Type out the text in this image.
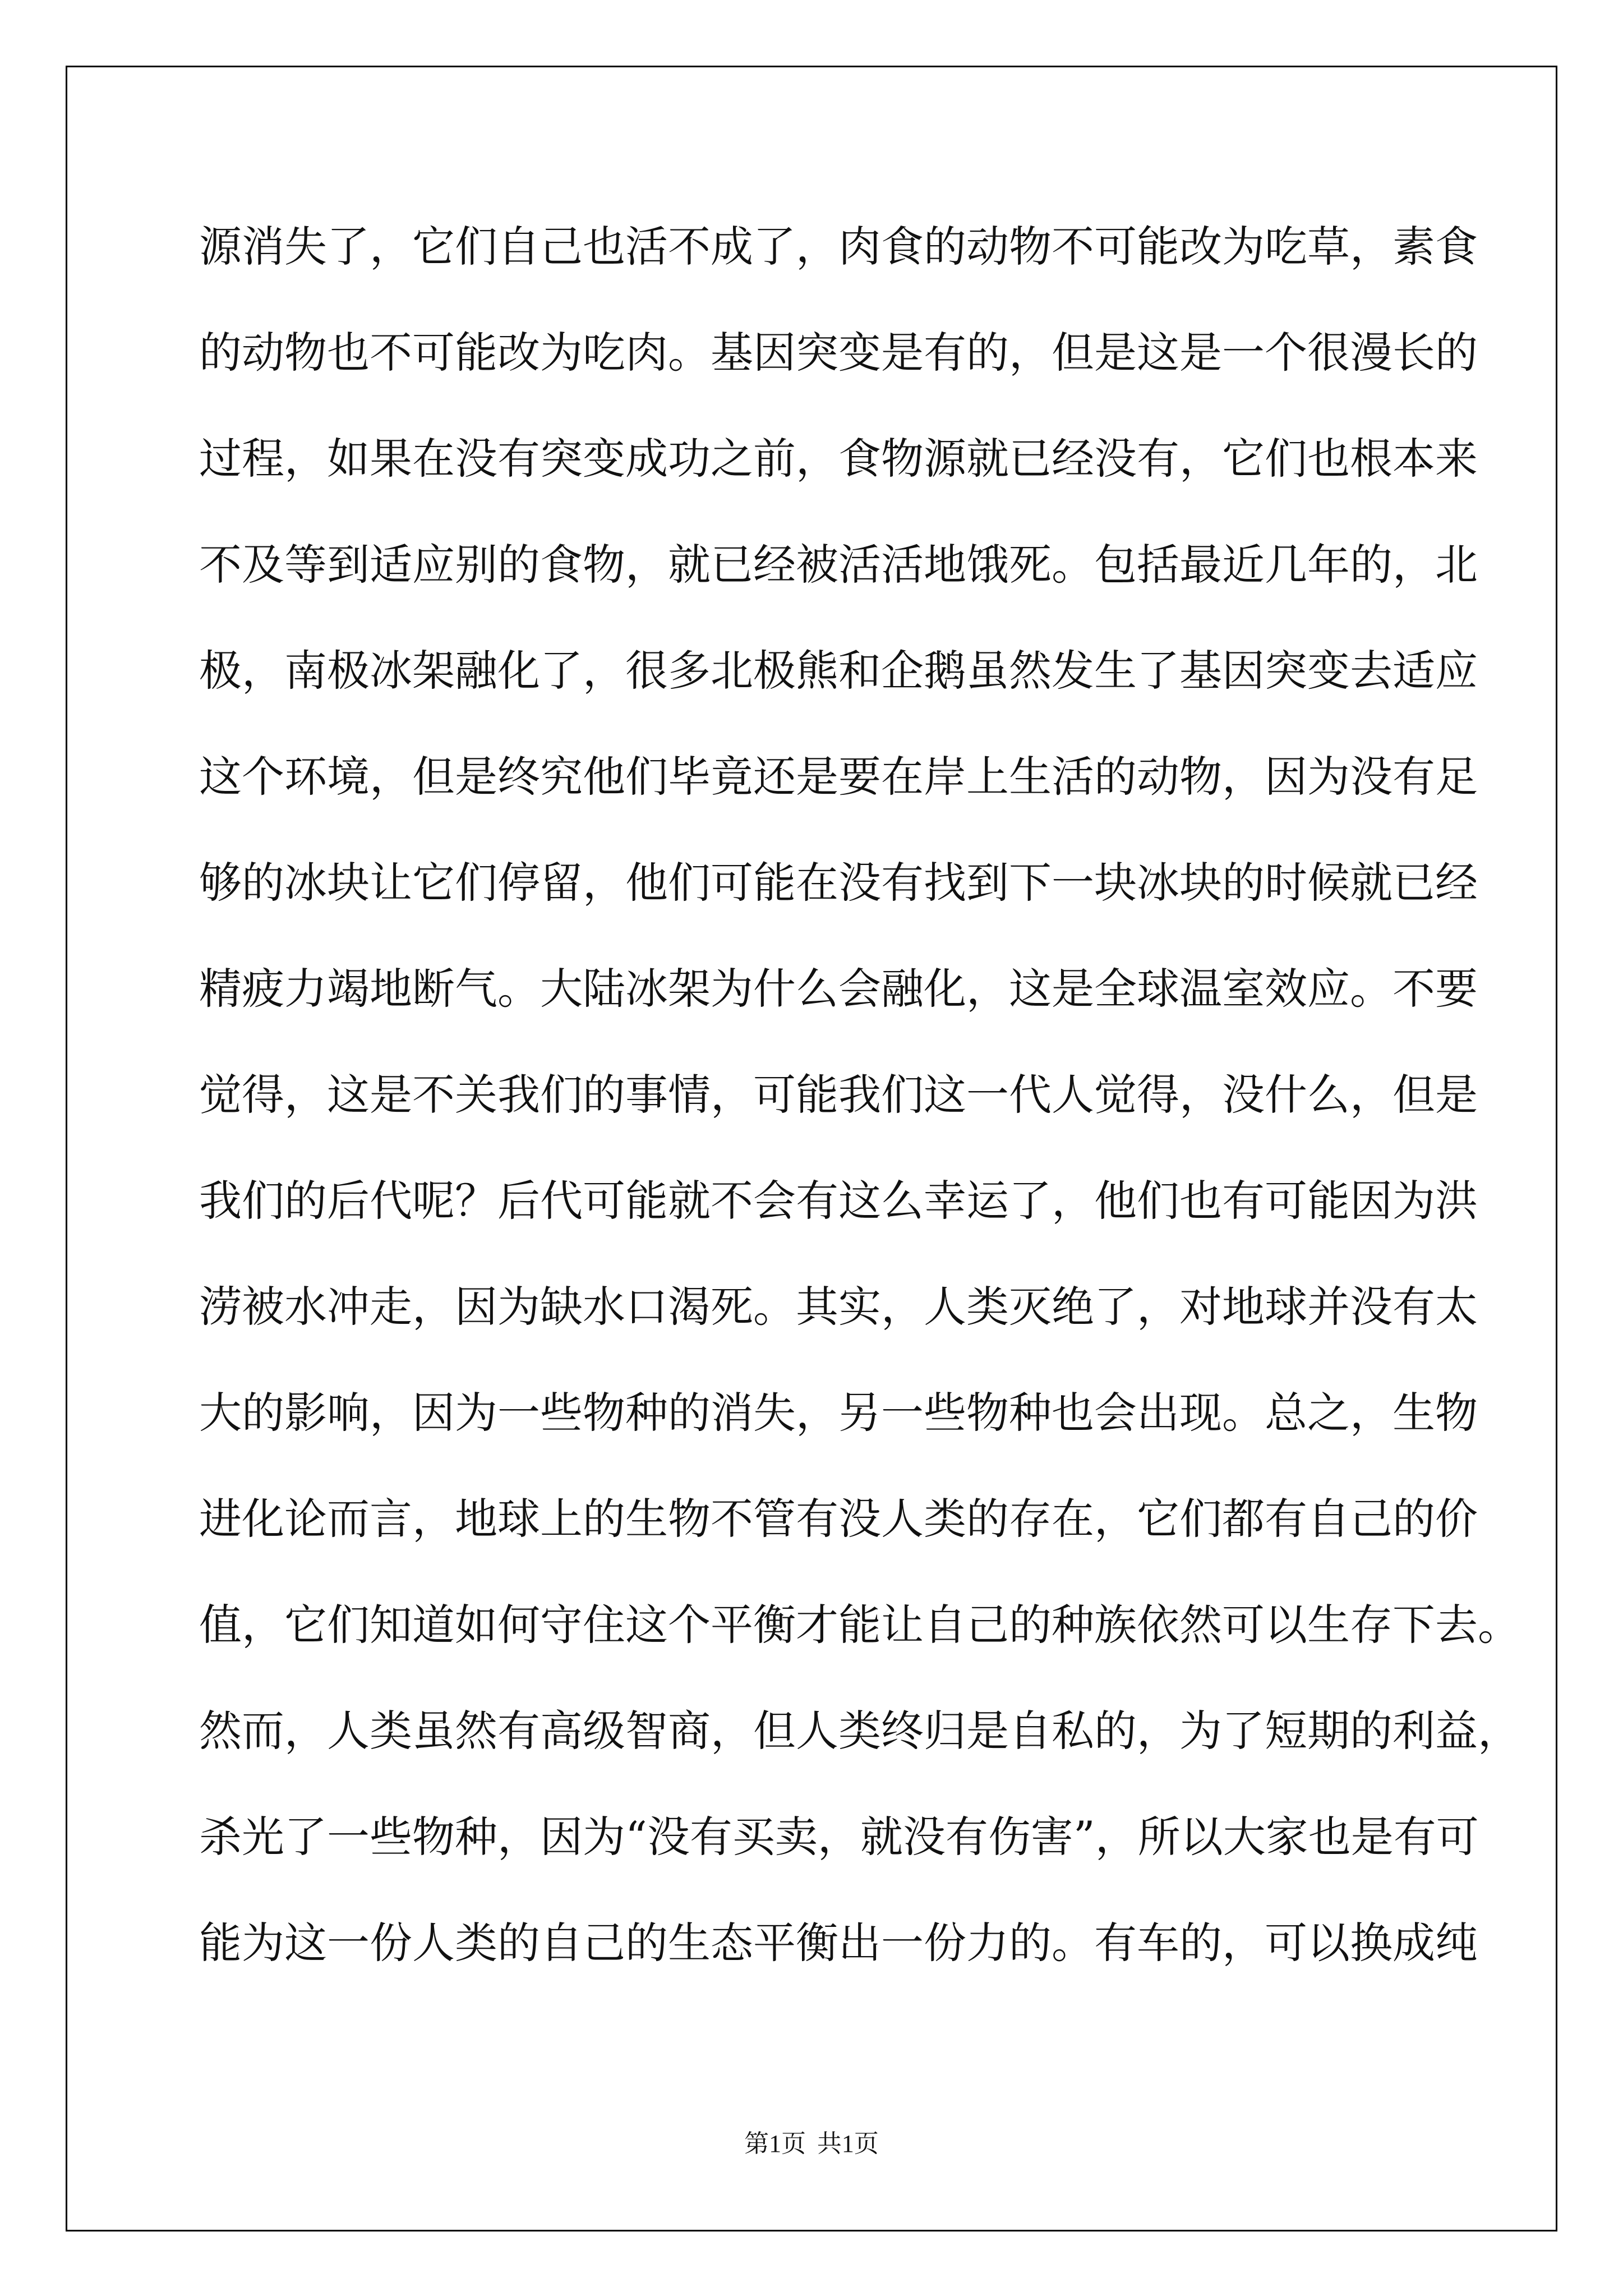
源消失了，它们自己也活不成了，肉食的动物不可能改为吃草，素食
的动物也不可能改为吃肉。基因突变是有的，但是这是一个很漫长的
过程，如果在没有突变成功之前，食物源就已经没有，它们也根本来
不及等到适应别的食物，就已经被活活地饿死。包括最近几年的，北
极，南极冰架融化了，很多北极熊和企鹅虽然发生了基因突变去适应
这个环境，但是终究他们毕竟还是要在岸上生活的动物，因为没有足
够的冰块让它们停留，他们可能在没有找到下一块冰块的时候就已经
精疲力竭地断气。大陆冰架为什么会融化，这是全球温室效应。不要
觉得，这是不关我们的事情，可能我们这一代人觉得，没什么，但是
我们的后代呢？后代可能就不会有这么幸运了，他们也有可能因为洪
涝被水冲走，因为缺水口渴死。其实，人类灭绝了，对地球并没有太
大的影响，因为一些物种的消失，另一些物种也会出现。总之，生物
进化论而言，地球上的生物不管有没人类的存在，它们都有自己的价
值，它们知道如何守住这个平衡才能让自己的种族依然可以生存下去。
然而，人类虽然有高级智商，但人类终归是自私的，为了短期的利益，
杀光了一些物种，因为“没有买卖，就没有伤害”，所以大家也是有可
能为这一份人类的自己的生态平衡出一份力的。有车的，可以换成纯
第1页 共1页
